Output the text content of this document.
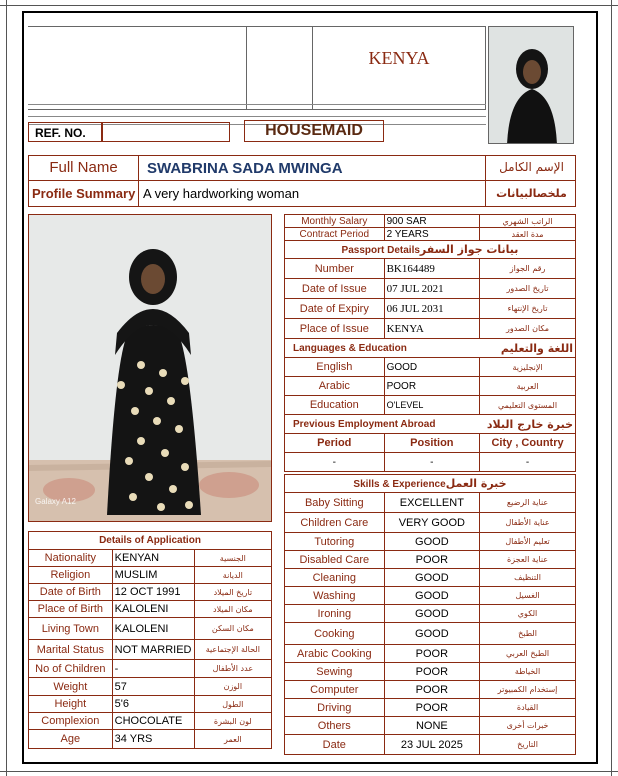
KENYA
REF. NO.	HOUSEMAID
Full Name	SWABRINA SADA MWINGA	الإسم الكامل
Profile Summary A very hardworking woman	ملخصالبيانات
Galaxy A12
Monthly Salary	900 SAR	الراتب الشهري
Contract Period	2 YEARS	مدة العقد
Passport Detailsبيانات جواز السفر		
Number	BK164489	رقم الجواز
Date of Issue	07 JUL 2021	تاريخ الصدور
Date of Expiry	06 JUL 2031	تاريخ الإنتهاء
Place of Issue	KENYA	مكان الصدور
Languages & Education		اللغة والتعليم
English	GOOD	الإنجليزية
Arabic	POOR	العربية
Education	O'LEVEL	المستوى التعليمي
Previous Employment Abroad		خبرة خارج البلاد
Period	Position	City , Country
-	-	-

Skills & Experienceخبرة العمل		
Baby Sitting	EXCELLENT	عناية الرضيع
Children Care	VERY GOOD	عناية الأطفال
Tutoring	GOOD	تعليم الأطفال
Disabled Care	POOR	عناية العجزة
Cleaning	GOOD	التنظيف
Washing	GOOD	الغسيل
Ironing	GOOD	الكوي
Cooking	GOOD	الطبخ
Arabic Cooking	POOR	الطبخ العربي
Sewing	POOR	الخياطة
Computer	POOR	إستخدام الكمبيوتر
Driving	POOR	القيادة
Others	NONE	خبرات أخرى
Date	23 JUL 2025	التاريخ
Details of Application		
Nationality	KENYAN	الجنسية
Religion	MUSLIM	الديانة
Date of Birth	12 OCT 1991	تاريخ الميلاد
Place of Birth	KALOLENI	مكان الميلاد
Living Town	KALOLENI	مكان السكن
Marital Status	NOT MARRIED	الحالة الإجتماعية
No of Children	-	عدد الأطفال
Weight	57	الوزن
Height	5'6	الطول
Complexion	CHOCOLATE	لون البشرة
Age	34 YRS	العمر
